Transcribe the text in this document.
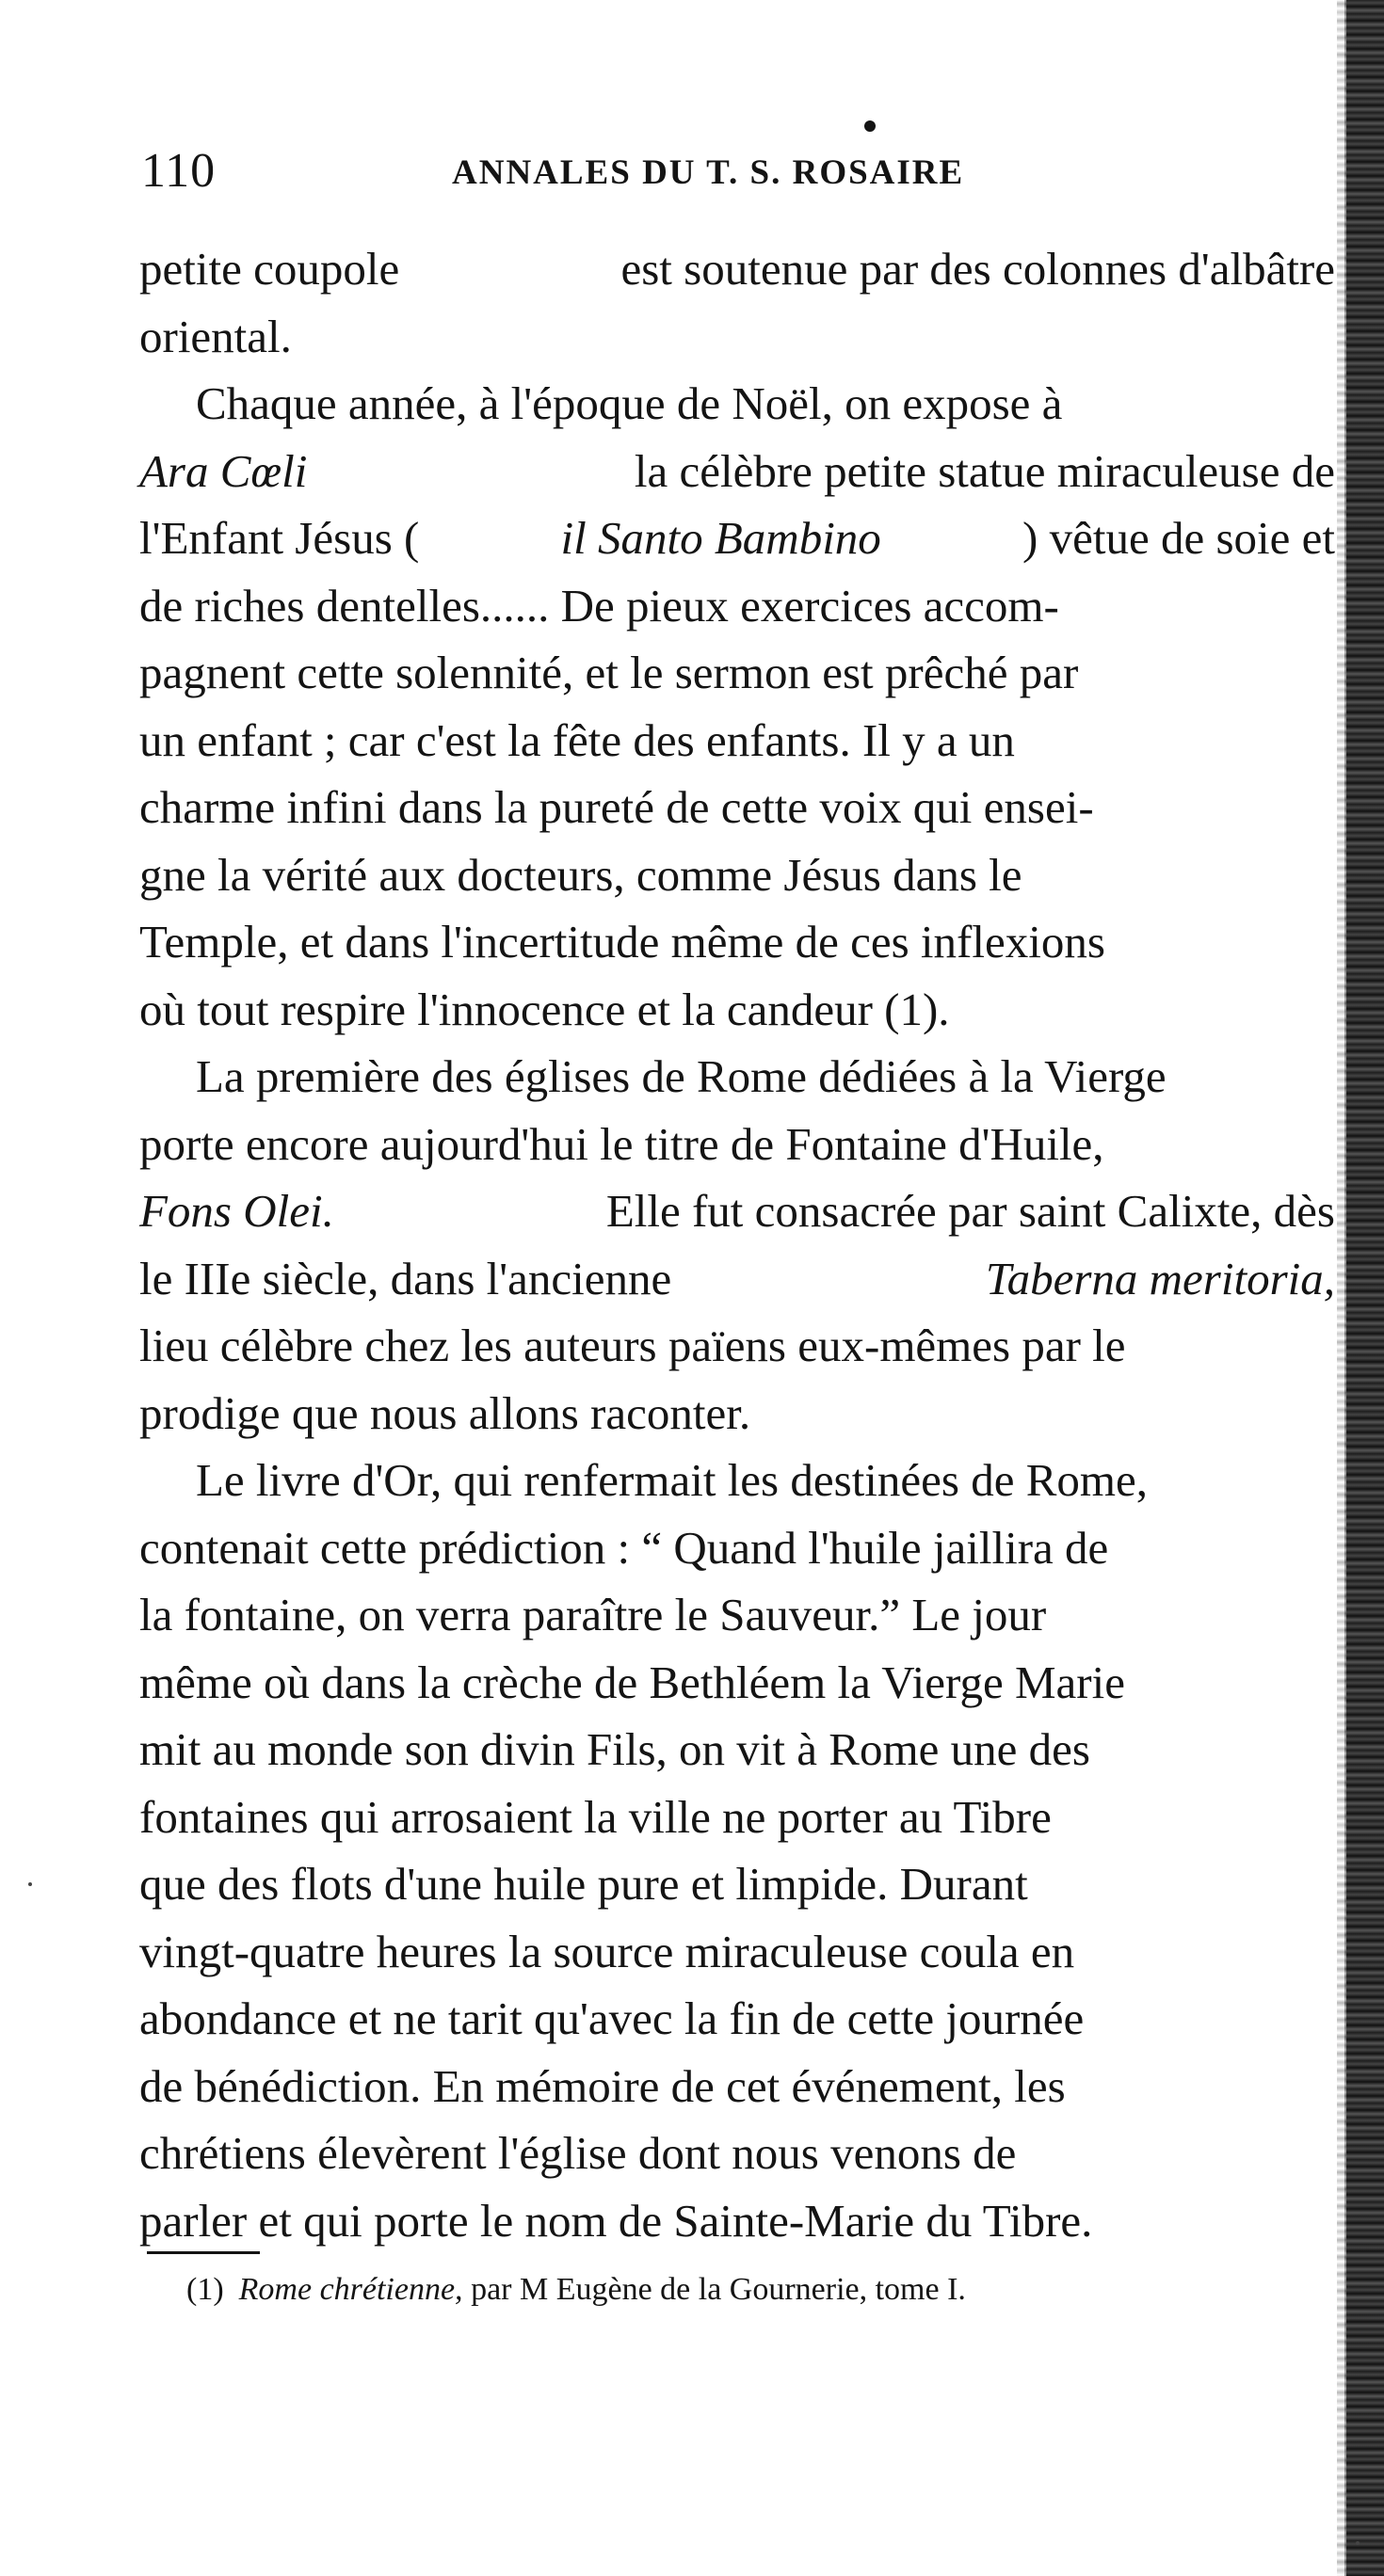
110	ANNALES DU T. S. ROSAIRE
petite coupole	est soutenue par des colonnes d'albâtre
oriental.
Chaque année, à l'époque de Noël, on expose à
Ara Cœli	la célèbre petite statue miraculeuse de
l'Enfant Jésus (	il Santo Bambino	) vêtue de soie et
de riches dentelles...... De pieux exercices accom-
pagnent cette solennité, et le sermon est prêché par
un enfant ; car c'est la fête des enfants. Il y a un
charme infini dans la pureté de cette voix qui ensei-
gne la vérité aux docteurs, comme Jésus dans le
Temple, et dans l'incertitude même de ces inflexions
où tout respire l'innocence et la candeur (1).
La première des églises de Rome dédiées à la Vierge
porte encore aujourd'hui le titre de Fontaine d'Huile,
Fons Olei.	Elle fut consacrée par saint Calixte, dès
le IIIe siècle, dans l'ancienne	Taberna meritoria,
lieu célèbre chez les auteurs païens eux-mêmes par le
prodige que nous allons raconter.
Le livre d'Or, qui renfermait les destinées de Rome,
contenait cette prédiction : “ Quand l'huile jaillira de
la fontaine, on verra paraître le Sauveur.” Le jour
même où dans la crèche de Bethléem la Vierge Marie
mit au monde son divin Fils, on vit à Rome une des
fontaines qui arrosaient la ville ne porter au Tibre
que des flots d'une huile pure et limpide. Durant
vingt-quatre heures la source miraculeuse coula en
abondance et ne tarit qu'avec la fin de cette journée
de bénédiction. En mémoire de cet événement, les
chrétiens élevèrent l'église dont nous venons de
parler et qui porte le nom de Sainte-Marie du Tibre.
(1) Rome chrétienne, par M Eugène de la Gournerie, tome I.
